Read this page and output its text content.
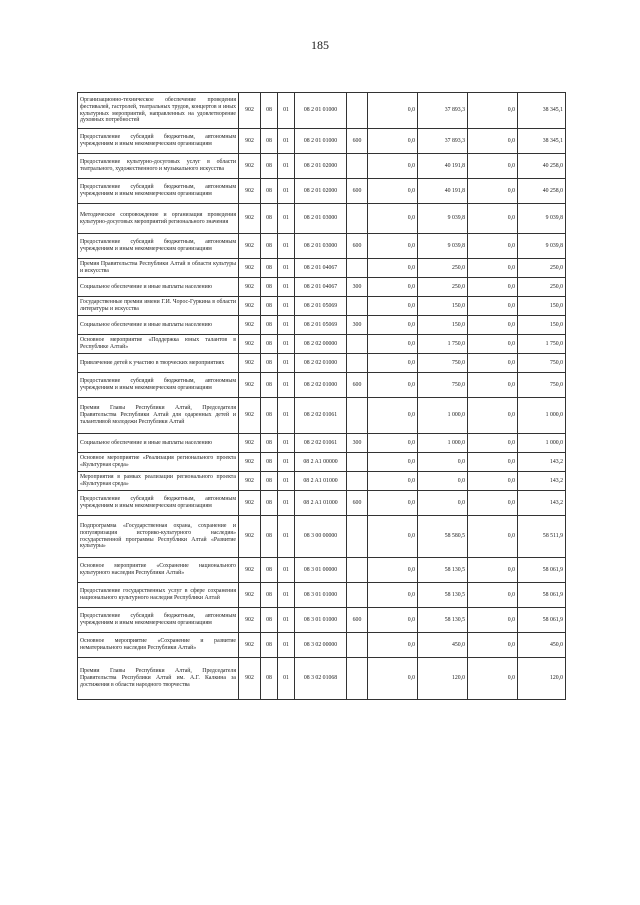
185
Организационно-техническое обеспечение проведения фестивалей, гастролей, театральных трудов, концертов и иных культурных мероприятий, направленных на удовлетворение духовных потребностей	902	08	01	08 2 01 01000		0,0	37 893,3	0,0	38 345,1
Предоставление субсидий бюджетным, автономным учреждениям и иным некоммерческим организациям	902	08	01	08 2 01 01000	600	0,0	37 893,3	0,0	38 345,1
Предоставление культурно-досуговых услуг в области театрального, художественного и музыкального искусства	902	08	01	08 2 01 02000		0,0	40 191,8	0,0	40 258,0
Предоставление субсидий бюджетным, автономным учреждениям и иным некоммерческим организациям	902	08	01	08 2 01 02000	600	0,0	40 191,8	0,0	40 258,0
Методическое сопровождение и организация проведения культурно-досуговых мероприятий регионального значения	902	08	01	08 2 01 03000		0,0	9 039,8	0,0	9 039,8
Предоставление субсидий бюджетным, автономным учреждениям и иным некоммерческим организациям	902	08	01	08 2 01 03000	600	0,0	9 039,8	0,0	9 039,8
Премия Правительства Республики Алтай в области культуры и искусства	902	08	01	08 2 01 04067		0,0	250,0	0,0	250,0
Социальное обеспечение и иные выплаты населению	902	08	01	08 2 01 04067	300	0,0	250,0	0,0	250,0
Государственные премии имени Г.И. Чорос-Гуркина в области литературы и искусства	902	08	01	08 2 01 05069		0,0	150,0	0,0	150,0
Социальное обеспечение и иные выплаты населению	902	08	01	08 2 01 05069	300	0,0	150,0	0,0	150,0
Основное мероприятие «Поддержка юных талантов в Республике Алтай»	902	08	01	08 2 02 00000		0,0	1 750,0	0,0	1 750,0
Привлечение детей к участию в творческих мероприятиях	902	08	01	08 2 02 01000		0,0	750,0	0,0	750,0
Предоставление субсидий бюджетным, автономным учреждениям и иным некоммерческим организациям	902	08	01	08 2 02 01000	600	0,0	750,0	0,0	750,0
Премии Главы Республики Алтай, Председателя Правительства Республики Алтай для одаренных детей и талантливой молодежи Республики Алтай	902	08	01	08 2 02 01061		0,0	1 000,0	0,0	1 000,0
Социальное обеспечение и иные выплаты населению	902	08	01	08 2 02 01061	300	0,0	1 000,0	0,0	1 000,0
Основное мероприятие «Реализация регионального проекта «Культурная среда»	902	08	01	08 2 A1 00000		0,0	0,0	0,0	143,2
Мероприятия в рамках реализации регионального проекта «Культурная среда»	902	08	01	08 2 A1 01000		0,0	0,0	0,0	143,2
Предоставление субсидий бюджетным, автономным учреждениям и иным некоммерческим организациям	902	08	01	08 2 A1 01000	600	0,0	0,0	0,0	143,2
Подпрограмма «Государственная охрана, сохранение и популяризация историко-культурного наследия» государственной программы Республики Алтай «Развитие культуры»	902	08	01	08 3 00 00000		0,0	58 580,5	0,0	58 511,9
Основное мероприятие «Сохранение национального культурного наследия Республики Алтай»	902	08	01	08 3 01 00000		0,0	58 130,5	0,0	58 061,9
Предоставление государственных услуг в сфере сохранения национального культурного наследия Республики Алтай	902	08	01	08 3 01 01000		0,0	58 130,5	0,0	58 061,9
Предоставление субсидий бюджетным, автономным учреждениям и иным некоммерческим организациям	902	08	01	08 3 01 01000	600	0,0	58 130,5	0,0	58 061,9
Основное мероприятие «Сохранение и развитие нематериального наследия Республики Алтай»	902	08	01	08 3 02 00000		0,0	450,0	0,0	450,0
Премии Главы Республики Алтай, Председателя Правительства Республики Алтай им. А.Г. Калкина за достижения в области народного творчества	902	08	01	08 3 02 01068		0,0	120,0	0,0	120,0
